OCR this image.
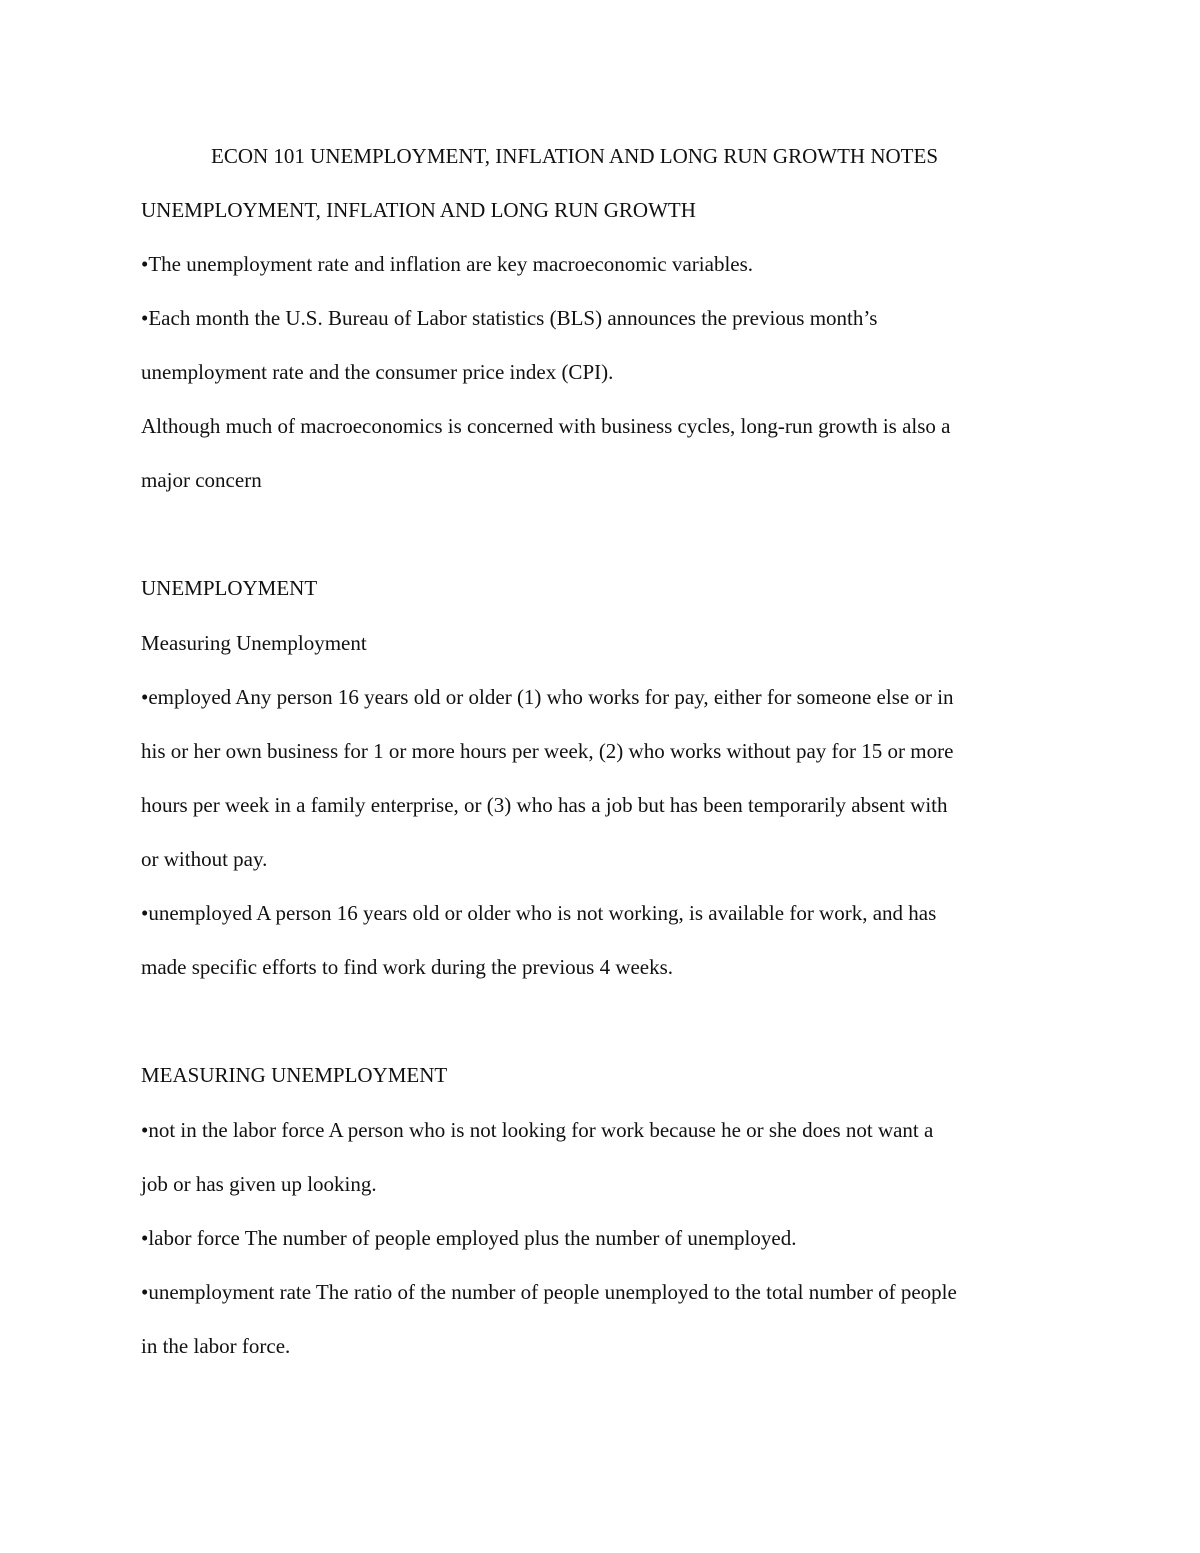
ECON 101 UNEMPLOYMENT, INFLATION AND LONG RUN GROWTH NOTES

UNEMPLOYMENT, INFLATION AND LONG RUN GROWTH

•The unemployment rate and inflation are key macroeconomic variables.

•Each month the U.S. Bureau of Labor statistics (BLS) announces the previous month’s

unemployment rate and the consumer price index (CPI).

Although much of macroeconomics is concerned with business cycles, long-run growth is also a

major concern

UNEMPLOYMENT

Measuring Unemployment

•employed Any person 16 years old or older (1) who works for pay, either for someone else or in

his or her own business for 1 or more hours per week, (2) who works without pay for 15 or more

hours per week in a family enterprise, or (3) who has a job but has been temporarily absent with

or without pay.

•unemployed A person 16 years old or older who is not working, is available for work, and has

made specific efforts to find work during the previous 4 weeks.

MEASURING UNEMPLOYMENT

•not in the labor force A person who is not looking for work because he or she does not want a

job or has given up looking.

•labor force The number of people employed plus the number of unemployed.

•unemployment rate The ratio of the number of people unemployed to the total number of people

in the labor force.
